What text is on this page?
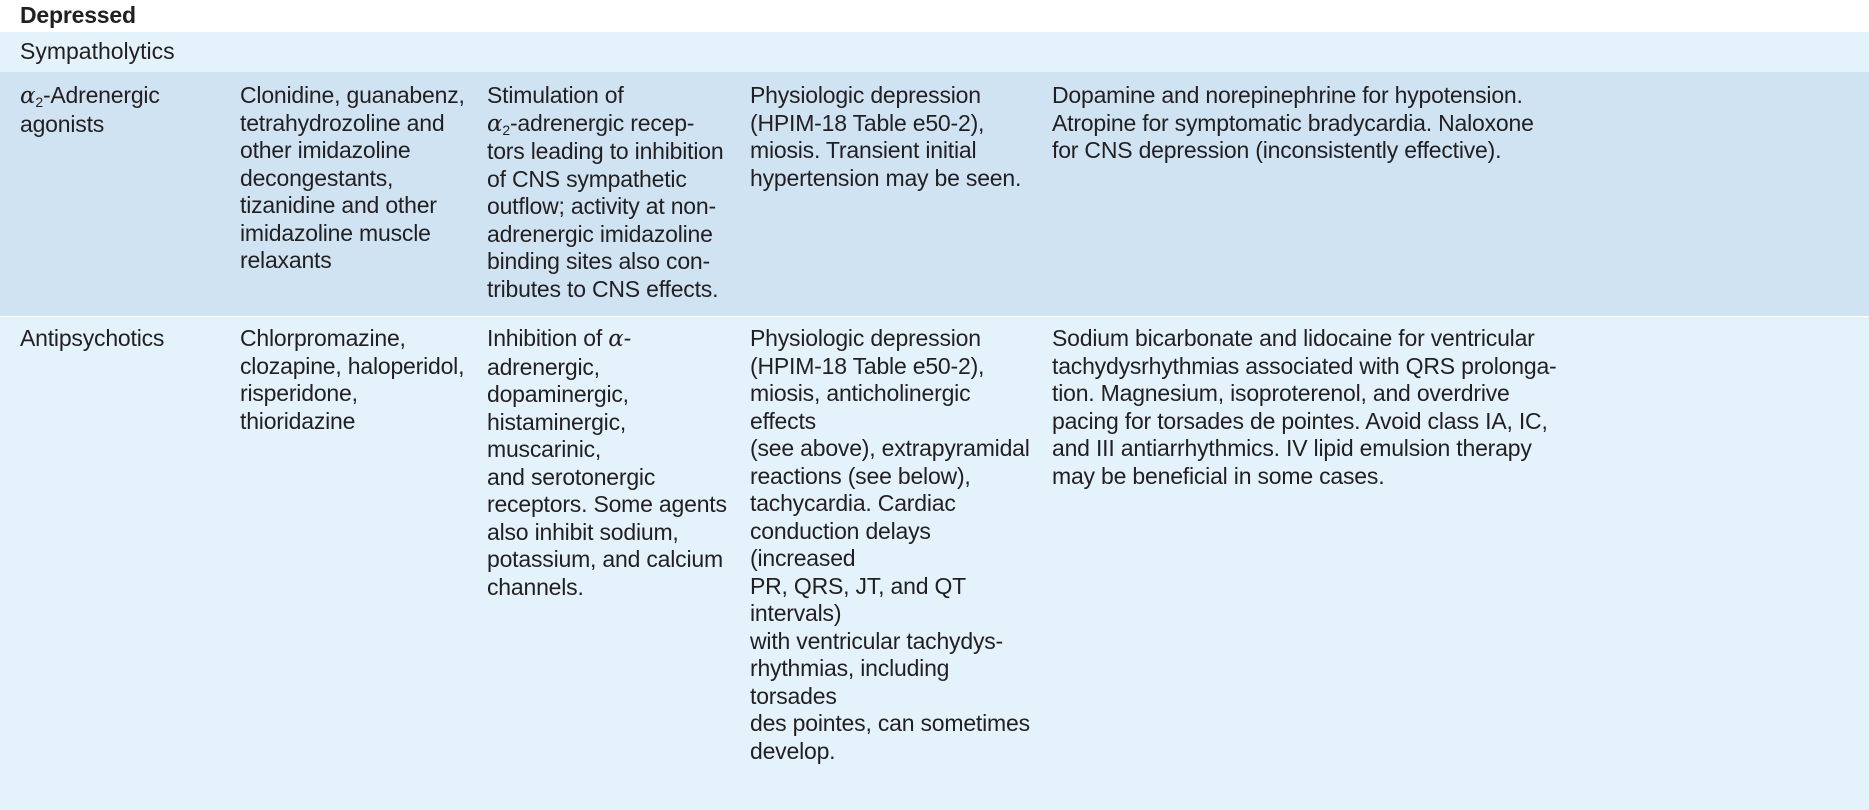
Depressed
Sympatholytics

$\alpha_2$-Adrenergic

agonists

Clonidine, guanabenz,

tetrahydrozoline and

other imidazoline

decongestants,

tizanidine and other

imidazoline muscle

relaxants

Stimulation of

$\alpha_2$-adrenergic recep-

tors leading to inhibition

of CNS sympathetic

outflow; activity at non-

adrenergic imidazoline

binding sites also con-

tributes to CNS effects.

Physiologic depression

(HPIM-18 Table e50-2),

miosis. Transient initial

hypertension may be seen.

Dopamine and norepinephrine for hypotension.

Atropine for symptomatic bradycardia. Naloxone

for CNS depression (inconsistently effective).

Antipsychotics	Chlorpromazine,

clozapine, haloperidol,

risperidone,

thioridazine

Inhibition of α-adrenergic,

dopaminergic,

histaminergic, muscarinic,

and serotonergic

receptors. Some agents

also inhibit sodium,

potassium, and calcium

channels.

Physiologic depression

(HPIM-18 Table e50-2),

miosis, anticholinergic effects

(see above), extrapyramidal

reactions (see below),

tachycardia. Cardiac

conduction delays (increased

PR, QRS, JT, and QT intervals)

with ventricular tachydys-

rhythmias, including torsades

des pointes, can sometimes

develop.

Sodium bicarbonate and lidocaine for ventricular

tachydysrhythmias associated with QRS prolonga-

tion. Magnesium, isoproterenol, and overdrive

pacing for torsades de pointes. Avoid class IA, IC,

and III antiarrhythmics. IV lipid emulsion therapy

may be beneficial in some cases.
